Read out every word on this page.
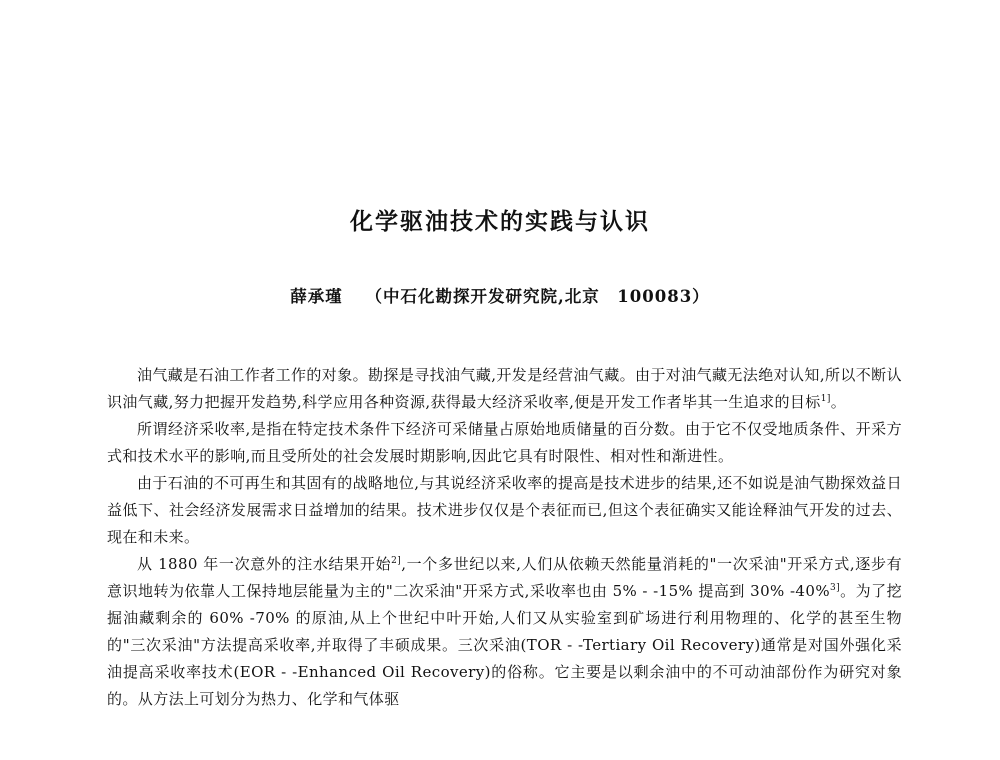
化学驱油技术的实践与认识
薛承瑾 （中石化勘探开发研究院,北京　100083）

油气藏是石油工作者工作的对象。勘探是寻找油气藏,开发是经营油气藏。由于对油气藏无法绝对认知,所以不断认识油气藏,努力把握开发趋势,科学应用各种资源,获得最大经济采收率,便是开发工作者毕其一生追求的目标$^{1]}$。

所谓经济采收率,是指在特定技术条件下经济可采储量占原始地质储量的百分数。由于它不仅受地质条件、开采方式和技术水平的影响,而且受所处的社会发展时期影响,因此它具有时限性、相对性和渐进性。

由于石油的不可再生和其固有的战略地位,与其说经济采收率的提高是技术进步的结果,还不如说是油气勘探效益日益低下、社会经济发展需求日益增加的结果。技术进步仅仅是个表征而已,但这个表征确实又能诠释油气开发的过去、现在和未来。

从 1880 年一次意外的注水结果开始$^{2]}$,一个多世纪以来,人们从依赖天然能量消耗的"一次采油"开采方式,逐步有意识地转为依靠人工保持地层能量为主的"二次采油"开采方式,采收率也由 5% - -15% 提高到 30% -40%$^{3]}$。为了挖掘油藏剩余的 60% -70% 的原油,从上个世纪中叶开始,人们又从实验室到矿场进行利用物理的、化学的甚至生物的"三次采油"方法提高采收率,并取得了丰硕成果。三次采油(TOR - -Tertiary Oil Recovery)通常是对国外强化采油提高采收率技术(EOR - -Enhanced Oil Recovery)的俗称。它主要是以剩余油中的不可动油部份作为研究对象的。从方法上可划分为热力、化学和气体驱
